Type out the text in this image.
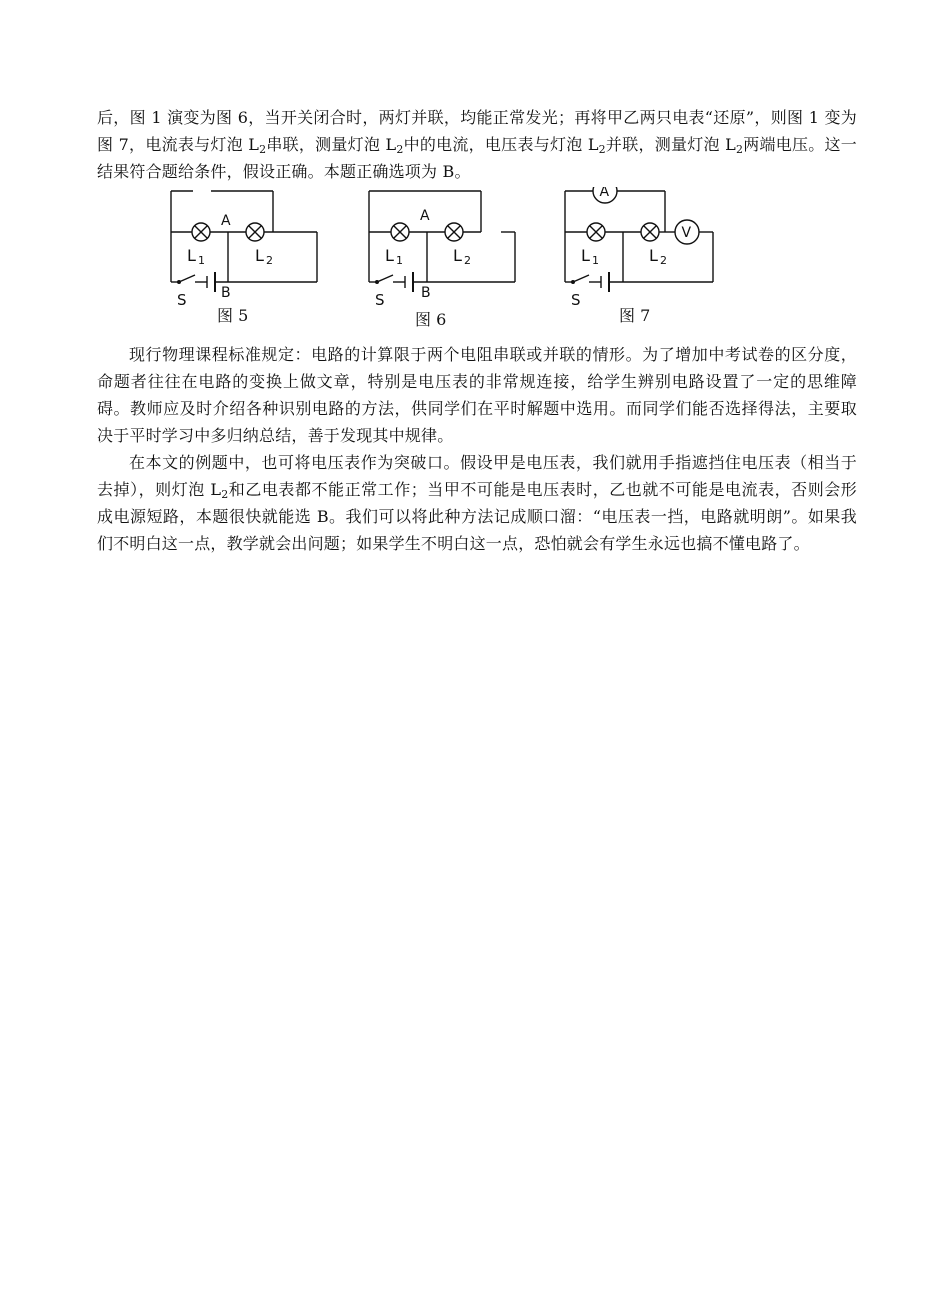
后，图 1 演变为图 6，当开关闭合时，两灯并联，均能正常发光；再将甲乙两只电表“还原”，则图 1 变为图 7，电流表与灯泡 $L_2$串联，测量灯泡 $L_2$中的电流，电压表与灯泡 $L_2$并联，测量灯泡 $L_2$两端电压。这一结果符合题给条件，假设正确。本题正确选项为 B。

A
B
L 1	L 2
S
图 5
A
B
L 1	L 2
S
图 6
A
V
L 1	L 2
S
图 7

现行物理课程标准规定：电路的计算限于两个电阻串联或并联的情形。为了增加中考试卷的区分度，命题者往往在电路的变换上做文章，特别是电压表的非常规连接，给学生辨别电路设置了一定的思维障碍。教师应及时介绍各种识别电路的方法，供同学们在平时解题中选用。而同学们能否选择得法，主要取决于平时学习中多归纳总结，善于发现其中规律。

在本文的例题中，也可将电压表作为突破口。假设甲是电压表，我们就用手指遮挡住电压表（相当于去掉），则灯泡 $L_2$和乙电表都不能正常工作；当甲不可能是电压表时，乙也就不可能是电流表，否则会形成电源短路，本题很快就能选 B。我们可以将此种方法记成顺口溜：“电压表一挡，电路就明朗”。如果我们不明白这一点，教学就会出问题；如果学生不明白这一点，恐怕就会有学生永远也搞不懂电路了。
